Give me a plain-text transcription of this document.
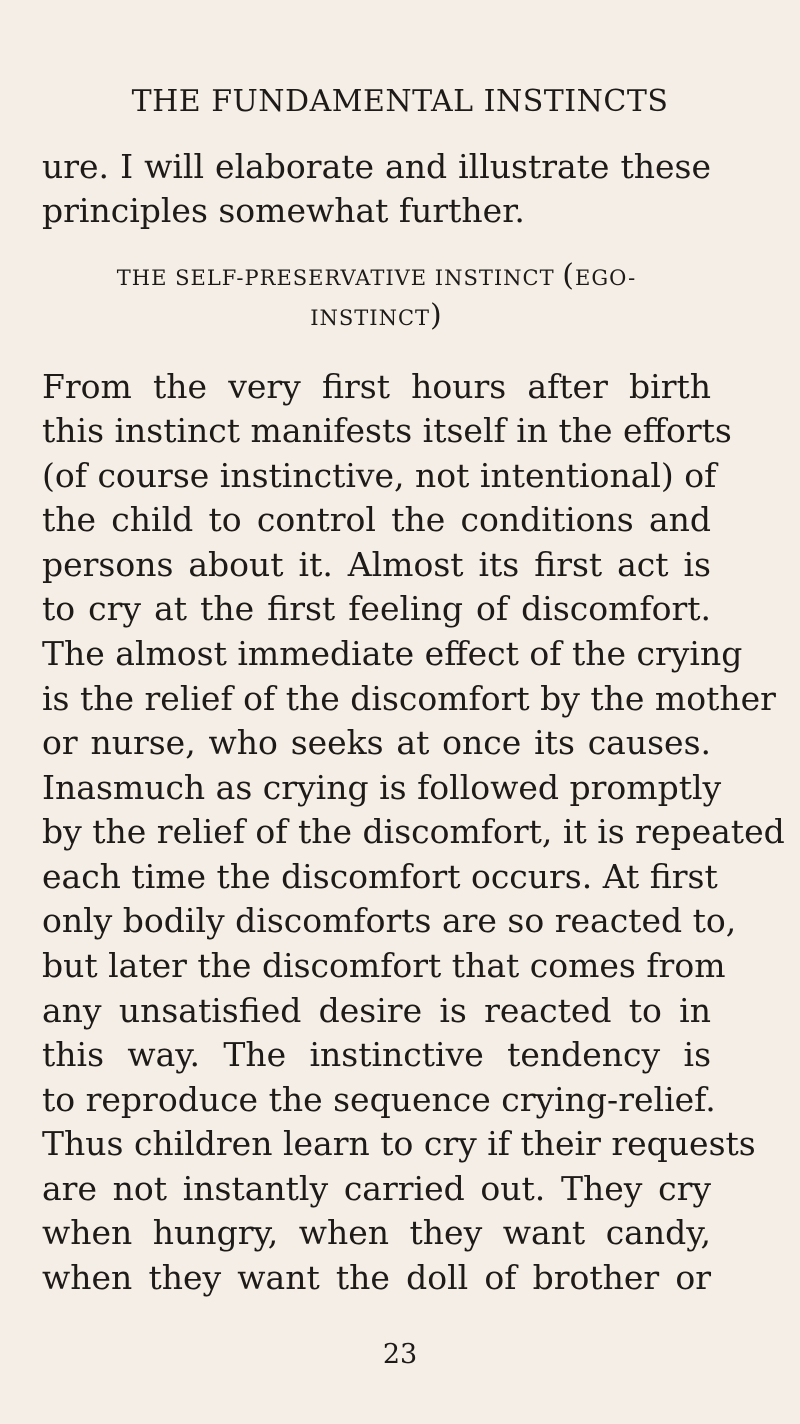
THE FUNDAMENTAL INSTINCTS
ure. I will elaborate and illustrate these
principles somewhat further.
THE SELF-PRESERVATIVE INSTINCT (EGO-
INSTINCT)
From the very first hours after birth
this instinct manifests itself in the efforts
(of course instinctive, not intentional) of
the child to control the conditions and
persons about it. Almost its first act is
to cry at the first feeling of discomfort.
The almost immediate effect of the crying
is the relief of the discomfort by the mother
or nurse, who seeks at once its causes.
Inasmuch as crying is followed promptly
by the relief of the discomfort, it is repeated
each time the discomfort occurs. At first
only bodily discomforts are so reacted to,
but later the discomfort that comes from
any unsatisfied desire is reacted to in
this way. The instinctive tendency is
to reproduce the sequence crying-relief.
Thus children learn to cry if their requests
are not instantly carried out. They cry
when hungry, when they want candy,
when they want the doll of brother or
23
